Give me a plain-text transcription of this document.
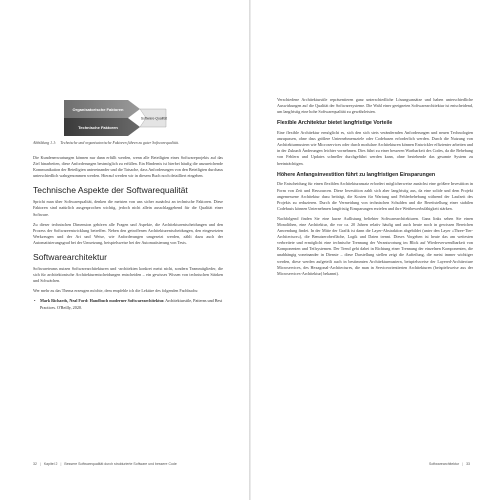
Organisatorische Faktoren
Technische Faktoren
Software-Qualität
Abbildung 1.1: Technische und organisatorische Faktoren führen zu guter Softwarequalität.

Die Kundenerwartungen können nur dann erfüllt werden, wenn alle Beteiligten eines Softwareprojekts auf das Ziel hinarbeiten, diese Anforderungen bestmöglich zu erfüllen. Ein Hindernis ist hierbei häufig die unzureichende Kommunikation der Beteiligten untereinander und die Tatsache, dass Anforderungen von den Beteiligten durchaus unterschiedlich wahrgenommen werden. Hierauf werden wir in diesem Buch noch detailliert eingehen.

Technische Aspekte der Softwarequalität

Spricht man über Softwarequalität, denken die meisten von uns sicher zunächst an technische Faktoren. Diese Faktoren sind natürlich ausgesprochen wichtig, jedoch nicht allein ausschlaggebend für die Qualität einer Software.

Zu dieser technischen Dimension gehören alle Fragen und Aspekte, die Architekturentscheidungen und den Prozess der Softwareentwicklung betreffen. Neben den getroffenen Architekturentscheidungen, den eingesetzten Werkzeugen und der Art und Weise, wie Anforderungen umgesetzt werden, zählt dazu auch der Automatisierungsgrad bei der Umsetzung, beispielsweise bei der Automatisierung von Tests.

Softwarearchitektur

Softwareteams nutzen Softwarearchitekturen und -architekten konkret meist nicht, sondern Teammitglieder, die sich für architektonische Architekturentscheidungen entscheiden – ein gewisses Wissen von technischen Stärken und Schwächen.

Wer mehr zu das Thema erzeugen möchte, dem empfehle ich die Lektüre des folgenden Fachbuchs:

• Mark Richards, Neal Ford: Handbuch moderner Softwarearchitektur. Architekturstile, Patterns und Best Practices. O'Reilly, 2020.
32 | Kapitel 2 | Bessere Softwarequalität durch strukturierte Software und bessere Code

Verschiedene Architekturstile repräsentieren ganz unterschiedliche Lösungsansätze und haben unterschiedliche Auswirkungen auf die Qualität der Softwaresysteme. Die Wahl einer geeigneten Softwarearchitektur ist entscheidend, um langfristig eine hohe Softwarequalität zu gewährleisten.

Flexible Architektur bietet langfristige Vorteile

Eine flexible Architektur ermöglicht es, sich den sich stets verändernden Anforderungen und neuen Technologien anzupassen, ohne dass größere Unternehmensziele oder Codebasen erforderlich werden. Durch die Nutzung von Architekturmustern wie Microservices oder durch modulare Architekturen können Entwickler effizienter arbeiten und in der Zukunft Änderungen leichter vornehmen. Dies führt zu einer besseren Wartbarkeit des Codes, da die Behebung von Fehlern und Updates schneller durchgeführt werden kann, ohne bestehende das gesamte System zu beeinträchtigen.

Höhere Anfangsinvestition führt zu langfristigen Einsparungen

Die Entscheidung für einen flexiblen Architekturansatz erfordert möglicherweise zunächst eine größere Investition in Form von Zeit und Ressourcen. Diese Investition zahlt sich aber langfristig aus, da eine solide und dem Projekt angemessene Architektur dazu beiträgt, die Kosten für Wartung und Fehlerbehebung während der Laufzeit des Projekts zu reduzieren. Durch die Vermeidung von technischen Schulden und die Bereitstellung einer stabilen Codebasis können Unternehmen langfristig Einsparungen erzielen und ihre Wettbewerbsfähigkeit stärken.

Nachfolgend finden Sie eine kurze Auflistung beliebter Softwarearchitekturen. Ganz links sehen Sie einen Monolithen, eine Architektur, die vor ca. 20 Jahren relativ häufig und auch heute noch in gewissen Bereichen Anwendung findet. In der Mitte der Grafik ist dann die Layer-Abstraktion abgebildet (unter den Layer »Three-Tier-Architecture«), die Benutzeroberfläche, Logik und Daten trennt. Dieses Vorgehen ist heute das am weitesten verbreitete und ermöglicht eine technische Trennung der Verantwortung im Blick auf Wiederverwendbarkeit von Komponenten und Teilsystemen. Der Trend geht dabei in Richtung einer Trennung der einzelnen Komponenten, die unabhängig voneinander in Dienste – diese Darstellung stellen zeigt die Aufteilung, die meist immer wichtiger werden, diese werden aufgeteilt auch in bestimmten Architekturmustern, beispielsweise der Layered-Architecture Microservices, des Hexagonal-Architectures, die man in Serviceorientierten Architekturen (beispielsweise aus der Microservices-Architektur) bekannt).

Softwarearchitektur | 33
